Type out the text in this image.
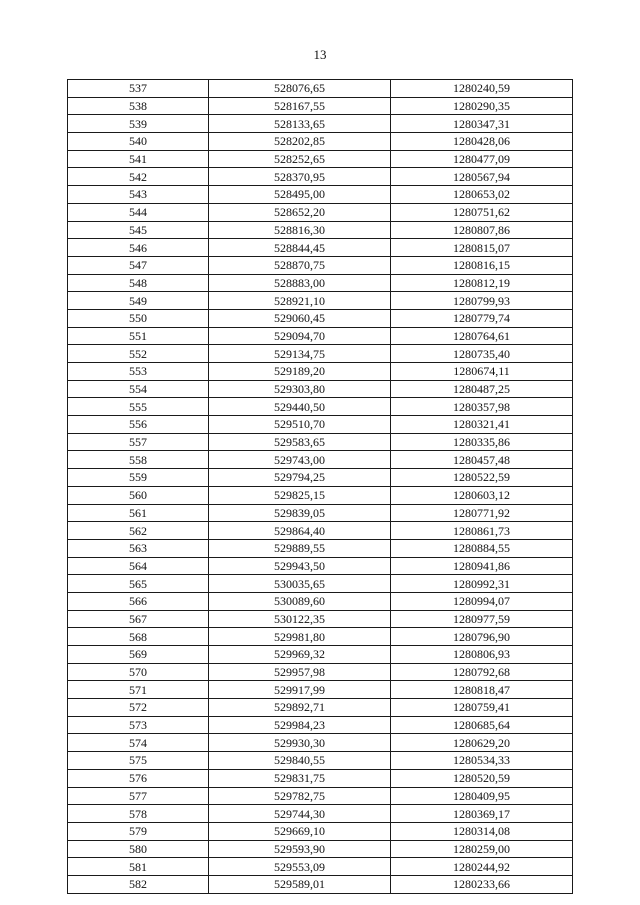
13
537	528076,65	1280240,59
538	528167,55	1280290,35
539	528133,65	1280347,31
540	528202,85	1280428,06
541	528252,65	1280477,09
542	528370,95	1280567,94
543	528495,00	1280653,02
544	528652,20	1280751,62
545	528816,30	1280807,86
546	528844,45	1280815,07
547	528870,75	1280816,15
548	528883,00	1280812,19
549	528921,10	1280799,93
550	529060,45	1280779,74
551	529094,70	1280764,61
552	529134,75	1280735,40
553	529189,20	1280674,11
554	529303,80	1280487,25
555	529440,50	1280357,98
556	529510,70	1280321,41
557	529583,65	1280335,86
558	529743,00	1280457,48
559	529794,25	1280522,59
560	529825,15	1280603,12
561	529839,05	1280771,92
562	529864,40	1280861,73
563	529889,55	1280884,55
564	529943,50	1280941,86
565	530035,65	1280992,31
566	530089,60	1280994,07
567	530122,35	1280977,59
568	529981,80	1280796,90
569	529969,32	1280806,93
570	529957,98	1280792,68
571	529917,99	1280818,47
572	529892,71	1280759,41
573	529984,23	1280685,64
574	529930,30	1280629,20
575	529840,55	1280534,33
576	529831,75	1280520,59
577	529782,75	1280409,95
578	529744,30	1280369,17
579	529669,10	1280314,08
580	529593,90	1280259,00
581	529553,09	1280244,92
582	529589,01	1280233,66
